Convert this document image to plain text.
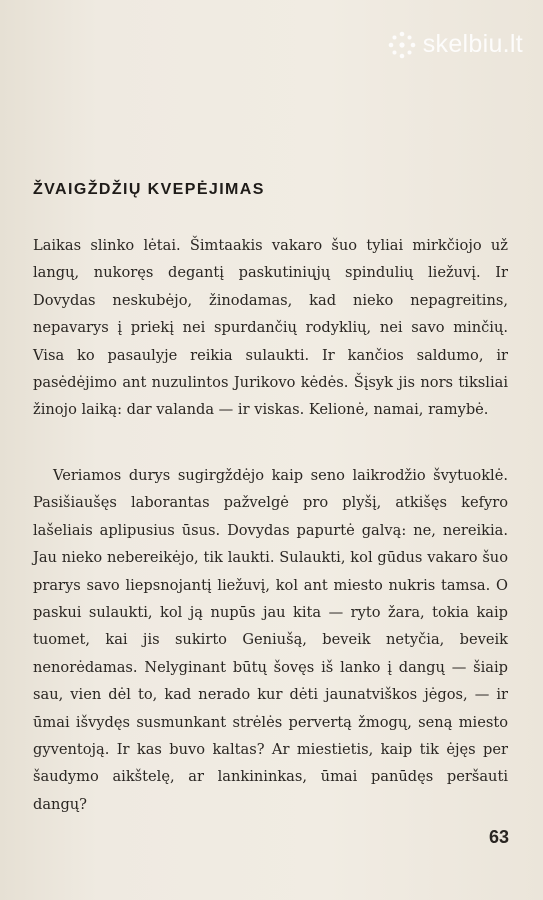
skelbiu.lt
ŽVAIGŽDŽIŲ KVEPĖJIMAS

Laikas slinko lėtai. Šimtaakis vakaro šuo tyliai mirkčiojo už langų, nukoręs degantį paskutiniųjų spindulių liežuvį. Ir Dovydas neskubėjo, žinodamas, kad nieko nepagreitins, nepavarys į priekį nei spurdančių rodyklių, nei savo minčių. Visa ko pasaulyje reikia sulaukti. Ir kančios saldumo, ir pasėdėjimo ant nuzulintos Jurikovo kėdės. Šįsyk jis nors tiksliai žinojo laiką: dar valanda — ir viskas. Kelionė, namai, ramybė.

Veriamos durys sugirgždėjo kaip seno laikrodžio švytuoklė. Pasišiaušęs laborantas pažvelgė pro plyšį, atkišęs kefyro lašeliais aplipusius ūsus. Dovydas papurtė galvą: ne, nereikia. Jau nieko nebereikėjo, tik laukti. Sulaukti, kol gūdus vakaro šuo prarys savo liepsnojantį liežuvį, kol ant miesto nukris tamsa. O paskui sulaukti, kol ją nupūs jau kita — ryto žara, tokia kaip tuomet, kai jis sukirto Geniušą, beveik netyčia, beveik nenorėdamas. Nelyginant būtų šovęs iš lanko į dangų — šiaip sau, vien dėl to, kad nerado kur dėti jaunatviškos jėgos, — ir ūmai išvydęs susmunkant strėlės pervertą žmogų, seną miesto gyventoją. Ir kas buvo kaltas? Ar miestietis, kaip tik ėjęs per šaudymo aikštelę, ar lankininkas, ūmai panūdęs peršauti dangų?

63
